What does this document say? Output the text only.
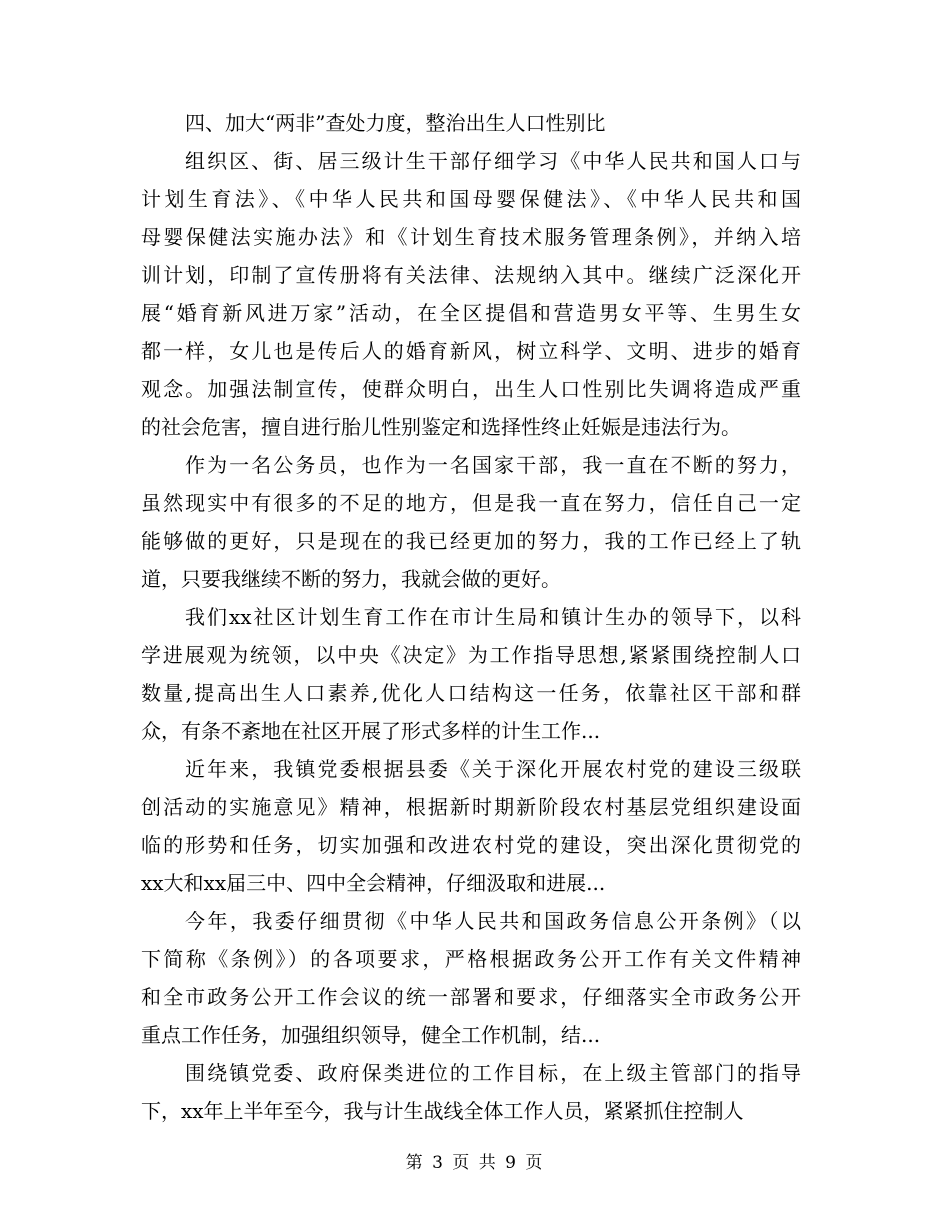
四、加大“两非”查处力度，整治出生人口性别比

组织区、街、居三级计生干部仔细学习《中华人民共和国人口与
计划生育法》、《中华人民共和国母婴保健法》、《中华人民共和国
母婴保健法实施办法》和《计划生育技术服务管理条例》，并纳入培
训计划，印制了宣传册将有关法律、法规纳入其中。继续广泛深化开
展“婚育新风进万家”活动，在全区提倡和营造男女平等、生男生女
都一样，女儿也是传后人的婚育新风，树立科学、文明、进步的婚育
观念。加强法制宣传，使群众明白，出生人口性别比失调将造成严重
的社会危害，擅自进行胎儿性别鉴定和选择性终止妊娠是违法行为。

作为一名公务员，也作为一名国家干部，我一直在不断的努力，
虽然现实中有很多的不足的地方，但是我一直在努力，信任自己一定
能够做的更好，只是现在的我已经更加的努力，我的工作已经上了轨
道，只要我继续不断的努力，我就会做的更好。

我们xx社区计划生育工作在市计生局和镇计生办的领导下，以科
学进展观为统领，以中央《决定》为工作指导思想,紧紧围绕控制人口
数量,提高出生人口素养,优化人口结构这一任务，依靠社区干部和群
众，有条不紊地在社区开展了形式多样的计生工作...

近年来，我镇党委根据县委《关于深化开展农村党的建设三级联
创活动的实施意见》精神，根据新时期新阶段农村基层党组织建设面
临的形势和任务，切实加强和改进农村党的建设，突出深化贯彻党的
xx大和xx届三中、四中全会精神，仔细汲取和进展...

今年，我委仔细贯彻《中华人民共和国政务信息公开条例》（以
下简称《条例》）的各项要求，严格根据政务公开工作有关文件精神
和全市政务公开工作会议的统一部署和要求，仔细落实全市政务公开
重点工作任务，加强组织领导，健全工作机制，结...

围绕镇党委、政府保类进位的工作目标，在上级主管部门的指导
下，xx年上半年至今，我与计生战线全体工作人员，紧紧抓住控制人

第 3 页 共 9 页
